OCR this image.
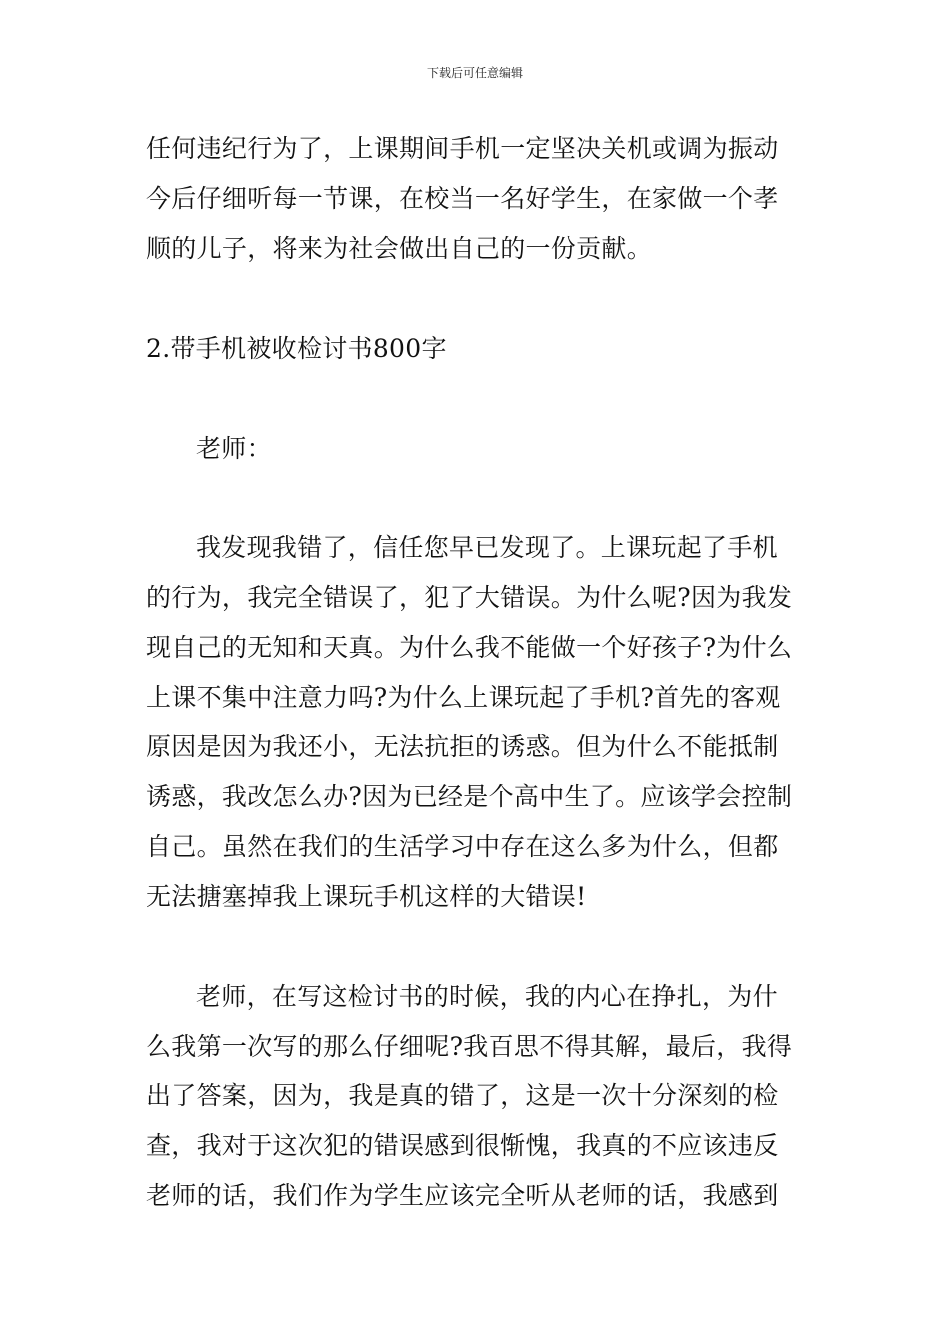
下载后可任意编辑
任何违纪行为了，上课期间手机一定坚决关机或调为振动
今后仔细听每一节课，在校当一名好学生，在家做一个孝
顺的儿子，将来为社会做出自己的一份贡献。
2.带手机被收检讨书800字
老师：
我发现我错了，信任您早已发现了。上课玩起了手机
的行为，我完全错误了，犯了大错误。为什么呢?因为我发
现自己的无知和天真。为什么我不能做一个好孩子?为什么
上课不集中注意力吗?为什么上课玩起了手机?首先的客观
原因是因为我还小，无法抗拒的诱惑。但为什么不能抵制
诱惑，我改怎么办?因为已经是个高中生了。应该学会控制
自己。虽然在我们的生活学习中存在这么多为什么，但都
无法搪塞掉我上课玩手机这样的大错误!
老师，在写这检讨书的时候，我的内心在挣扎，为什
么我第一次写的那么仔细呢?我百思不得其解，最后，我得
出了答案，因为，我是真的错了，这是一次十分深刻的检
查，我对于这次犯的错误感到很惭愧，我真的不应该违反
老师的话，我们作为学生应该完全听从老师的话，我感到
